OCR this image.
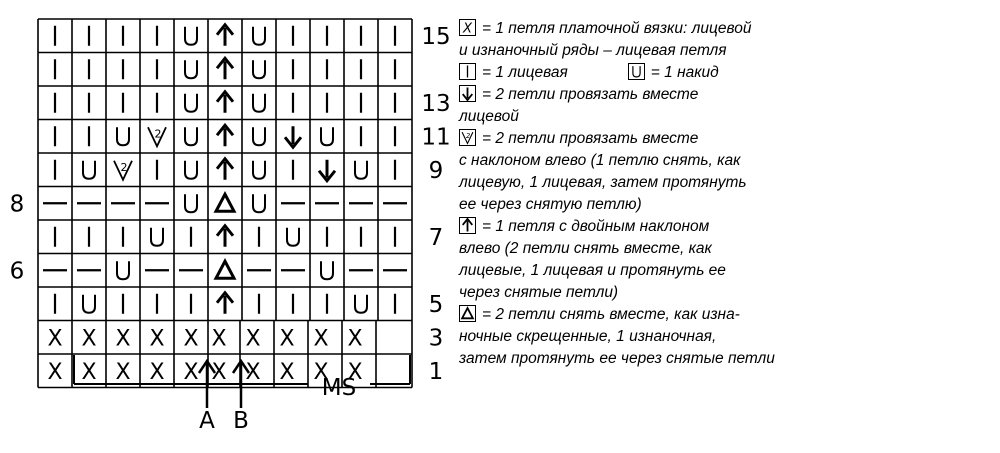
2
2
X X X X X X X X X X
X X X X X X X X X X
15
13
11
9
8
7
6
5
3
1
MS
A B
X = 1 петля платочной вязки: лицевой
и изнаночный ряды – лицевая петля
= 1 лицевая	= 1 накид
= 2 петли провязать вместе
лицевой
2 = 2 петли провязать вместе
с наклоном влево (1 петлю снять, как
лицевую, 1 лицевая, затем протянуть
ее через снятую петлю)
= 1 петля с двойным наклоном
влево (2 петли снять вместе, как
лицевые, 1 лицевая и протянуть ее
через снятые петли)
= 2 петли снять вместе, как изна-
ночные скрещенные, 1 изнаночная,
затем протянуть ее через снятые петли
